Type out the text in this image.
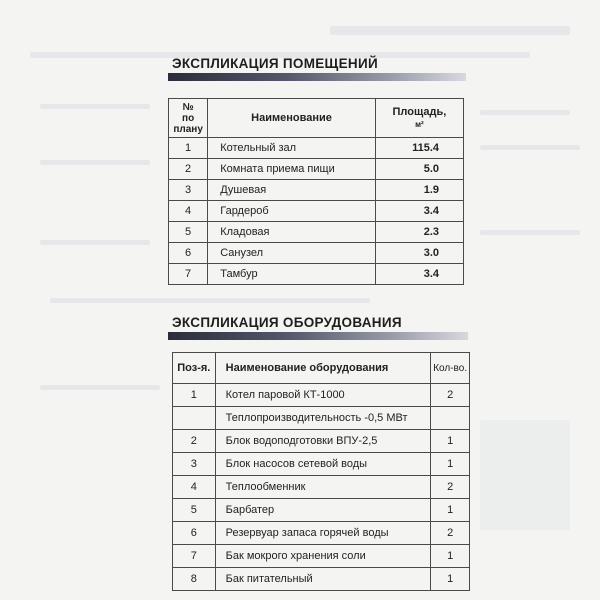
ЭКСПЛИКАЦИЯ ПОМЕЩЕНИЙ
№
по
плану	Наименование	Площадь,
м²
1	Котельный зал	115.4
2	Комната приема пищи	5.0
3	Душевая	1.9
4	Гардероб	3.4
5	Кладовая	2.3
6	Санузел	3.0
7	Тамбур	3.4
ЭКСПЛИКАЦИЯ ОБОРУДОВАНИЯ
Поз-я.	Наименование оборудования	Кол-во.
1	Котел паровой КТ-1000	2
	Теплопроизводительность -0,5 МВт	
2	Блок водоподготовки ВПУ-2,5	1
3	Блок насосов сетевой воды	1
4	Теплообменник	2
5	Барбатер	1
6	Резервуар запаса горячей воды	2
7	Бак мокрого хранения соли	1
8	Бак питательный	1
